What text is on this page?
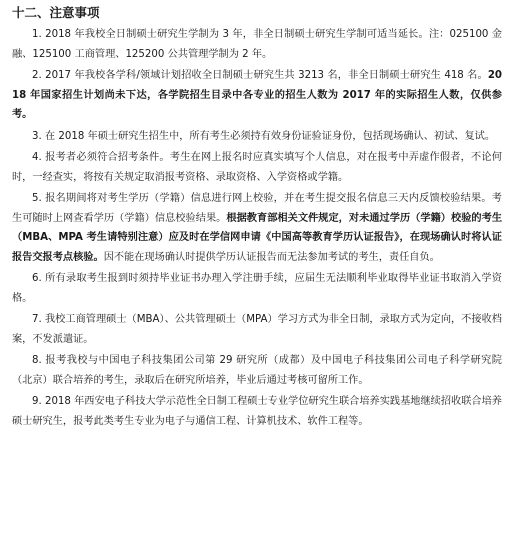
十二、注意事项

1. 2018 年我校全日制硕士研究生学制为 3 年，非全日制硕士研究生学制可适当延长。注：025100 金融、125100 工商管理、125200 公共管理学制为 2 年。

2. 2017 年我校各学科/领域计划招收全日制硕士研究生共 3213 名，非全日制硕士研究生 418 名。2018 年国家招生计划尚未下达，各学院招生目录中各专业的招生人数为 2017 年的实际招生人数，仅供参考。

3. 在 2018 年硕士研究生招生中，所有考生必须持有效身份证验证身份，包括现场确认、初试、复试。

4. 报考者必须符合招考条件。考生在网上报名时应真实填写个人信息，对在报考中弄虚作假者，不论何时，一经查实，将按有关规定取消报考资格、录取资格、入学资格或学籍。

5. 报名期间将对考生学历（学籍）信息进行网上校验，并在考生提交报名信息三天内反馈校验结果。考生可随时上网查看学历（学籍）信息校验结果。根据教育部相关文件规定，对未通过学历（学籍）校验的考生（MBA、MPA 考生请特别注意）应及时在学信网申请《中国高等教育学历认证报告》，在现场确认时将认证报告交报考点核验。因不能在现场确认时提供学历认证报告而无法参加考试的考生，责任自负。

6. 所有录取考生报到时须持毕业证书办理入学注册手续，应届生无法顺利毕业取得毕业证书取消入学资格。

7. 我校工商管理硕士（MBA）、公共管理硕士（MPA）学习方式为非全日制，录取方式为定向，不接收档案，不发派遣证。

8. 报考我校与中国电子科技集团公司第 29 研究所（成都）及中国电子科技集团公司电子科学研究院（北京）联合培养的考生，录取后在研究所培养，毕业后通过考核可留所工作。

9. 2018 年西安电子科技大学示范性全日制工程硕士专业学位研究生联合培养实践基地继续招收联合培养硕士研究生，报考此类考生专业为电子与通信工程、计算机技术、软件工程等。
